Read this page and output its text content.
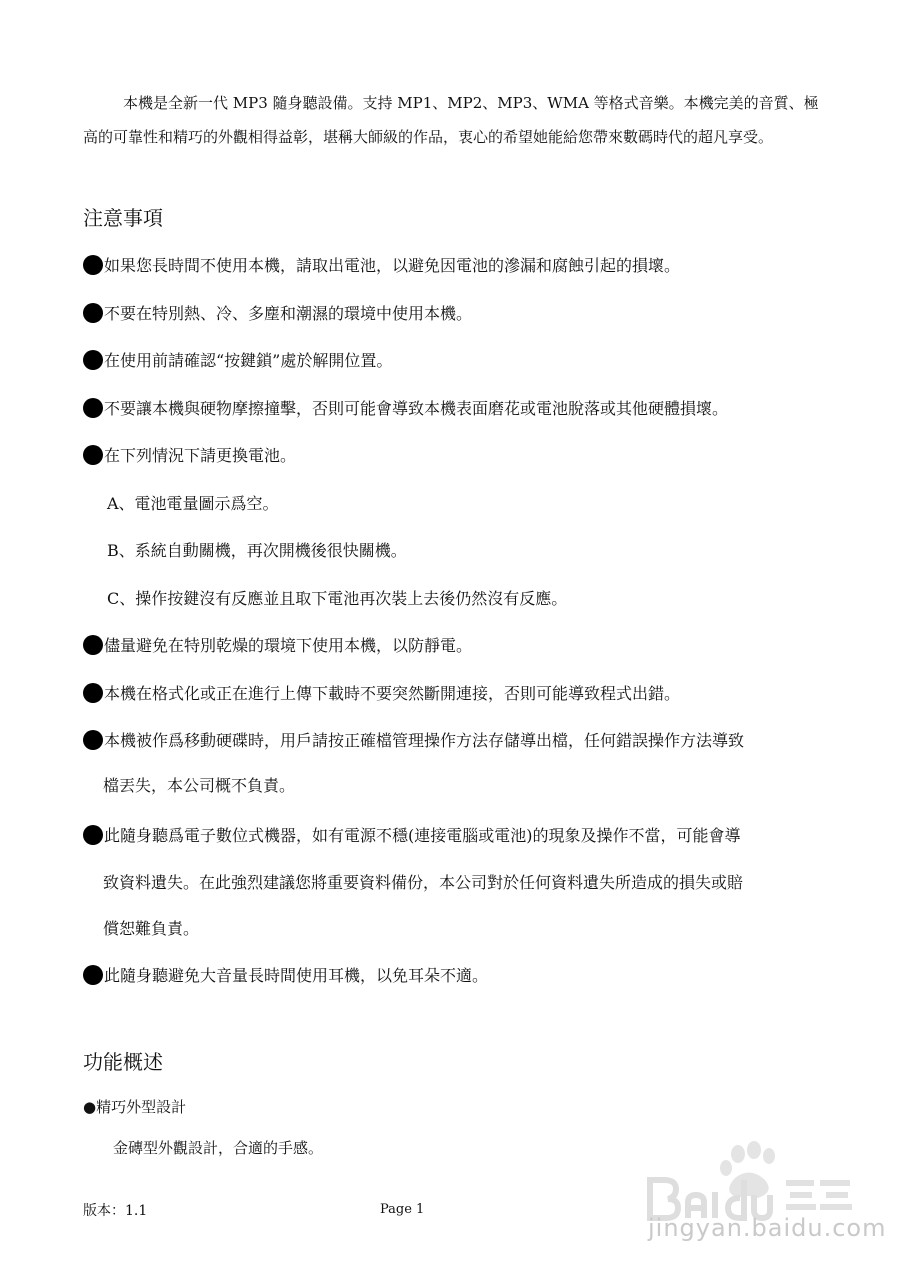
本機是全新一代 MP3 隨身聽設備。支持 MP1、MP2、MP3、WMA 等格式音樂。本機完美的音質、極
高的可靠性和精巧的外觀相得益彰，堪稱大師級的作品，衷心的希望她能給您帶來數碼時代的超凡享受。
注意事項
如果您長時間不使用本機，請取出電池，以避免因電池的滲漏和腐蝕引起的損壞。
不要在特別熱、冷、多塵和潮濕的環境中使用本機。
在使用前請確認“按鍵鎖”處於解開位置。
不要讓本機與硬物摩擦撞擊，否則可能會導致本機表面磨花或電池脫落或其他硬體損壞。
在下列情況下請更換電池。
A、電池電量圖示爲空。
B、系統自動關機，再次開機後很快關機。
C、操作按鍵沒有反應並且取下電池再次裝上去後仍然沒有反應。
儘量避免在特別乾燥的環境下使用本機，以防靜電。
本機在格式化或正在進行上傳下載時不要突然斷開連接，否則可能導致程式出錯。
本機被作爲移動硬碟時，用戶請按正確檔管理操作方法存儲導出檔，任何錯誤操作方法導致
檔丟失，本公司概不負責。
此隨身聽爲電子數位式機器，如有電源不穩(連接電腦或電池)的現象及操作不當，可能會導
致資料遺失。在此強烈建議您將重要資料備份，本公司對於任何資料遺失所造成的損失或賠
償恕難負責。
此隨身聽避免大音量長時間使用耳機，以免耳朵不適。
功能概述
●精巧外型設計
金磚型外觀設計，合適的手感。
版本：1.1	Page 1
jingyan.baidu.com
